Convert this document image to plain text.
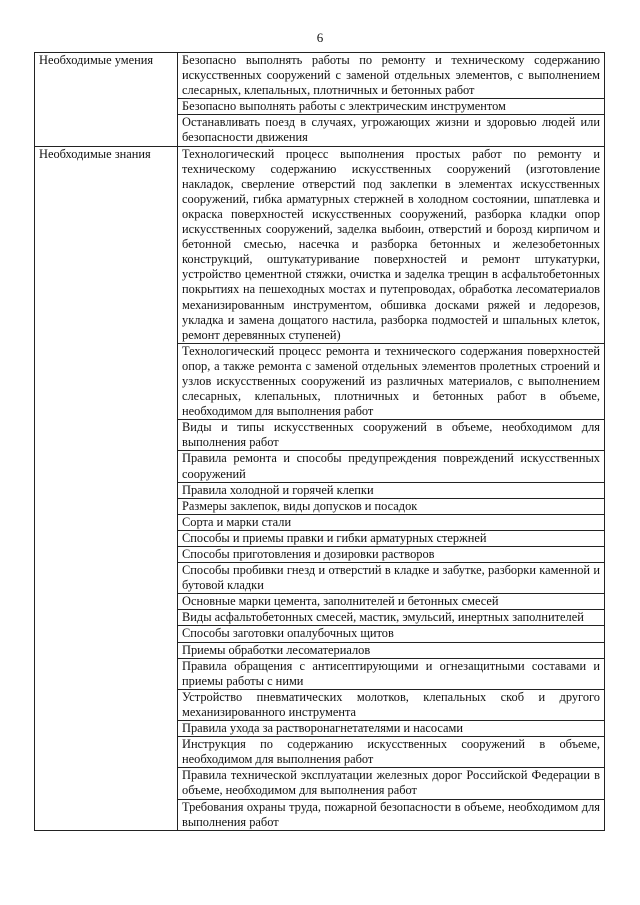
6
Необходимые умения	Безопасно выполнять работы по ремонту и техническому содержанию искусственных сооружений с заменой отдельных элементов, с выполнением слесарных, клепальных, плотничных и бетонных работ
	Безопасно выполнять работы с электрическим инструментом
	Останавливать поезд в случаях, угрожающих жизни и здоровью людей или безопасности движения
Необходимые знания	Технологический процесс выполнения простых работ по ремонту и техническому содержанию искусственных сооружений (изготовление накладок, сверление отверстий под заклепки в элементах искусственных сооружений, гибка арматурных стержней в холодном состоянии, шпатлевка и окраска поверхностей искусственных сооружений, разборка кладки опор искусственных сооружений, заделка выбоин, отверстий и борозд кирпичом и бетонной смесью, насечка и разборка бетонных и железобетонных конструкций, оштукатуривание поверхностей и ремонт штукатурки, устройство цементной стяжки, очистка и заделка трещин в асфальтобетонных покрытиях на пешеходных мостах и путепроводах, обработка лесоматериалов механизированным инструментом, обшивка досками ряжей и ледорезов, укладка и замена дощатого настила, разборка подмостей и шпальных клеток, ремонт деревянных ступеней)
	Технологический процесс ремонта и технического содержания поверхностей опор, а также ремонта с заменой отдельных элементов пролетных строений и узлов искусственных сооружений из различных материалов, с выполнением слесарных, клепальных, плотничных и бетонных работ в объеме, необходимом для выполнения работ
	Виды и типы искусственных сооружений в объеме, необходимом для выполнения работ
	Правила ремонта и способы предупреждения повреждений искусственных сооружений
	Правила холодной и горячей клепки
	Размеры заклепок, виды допусков и посадок
	Сорта и марки стали
	Способы и приемы правки и гибки арматурных стержней
	Способы приготовления и дозировки растворов
	Способы пробивки гнезд и отверстий в кладке и забутке, разборки каменной и бутовой кладки
	Основные марки цемента, заполнителей и бетонных смесей
	Виды асфальтобетонных смесей, мастик, эмульсий, инертных заполнителей
	Способы заготовки опалубочных щитов
	Приемы обработки лесоматериалов
	Правила обращения с антисептирующими и огнезащитными составами и приемы работы с ними
	Устройство пневматических молотков, клепальных скоб и другого механизированного инструмента
	Правила ухода за растворонагнетателями и насосами
	Инструкция по содержанию искусственных сооружений в объеме, необходимом для выполнения работ
	Правила технической эксплуатации железных дорог Российской Федерации в объеме, необходимом для выполнения работ
	Требования охраны труда, пожарной безопасности в объеме, необходимом для выполнения работ
